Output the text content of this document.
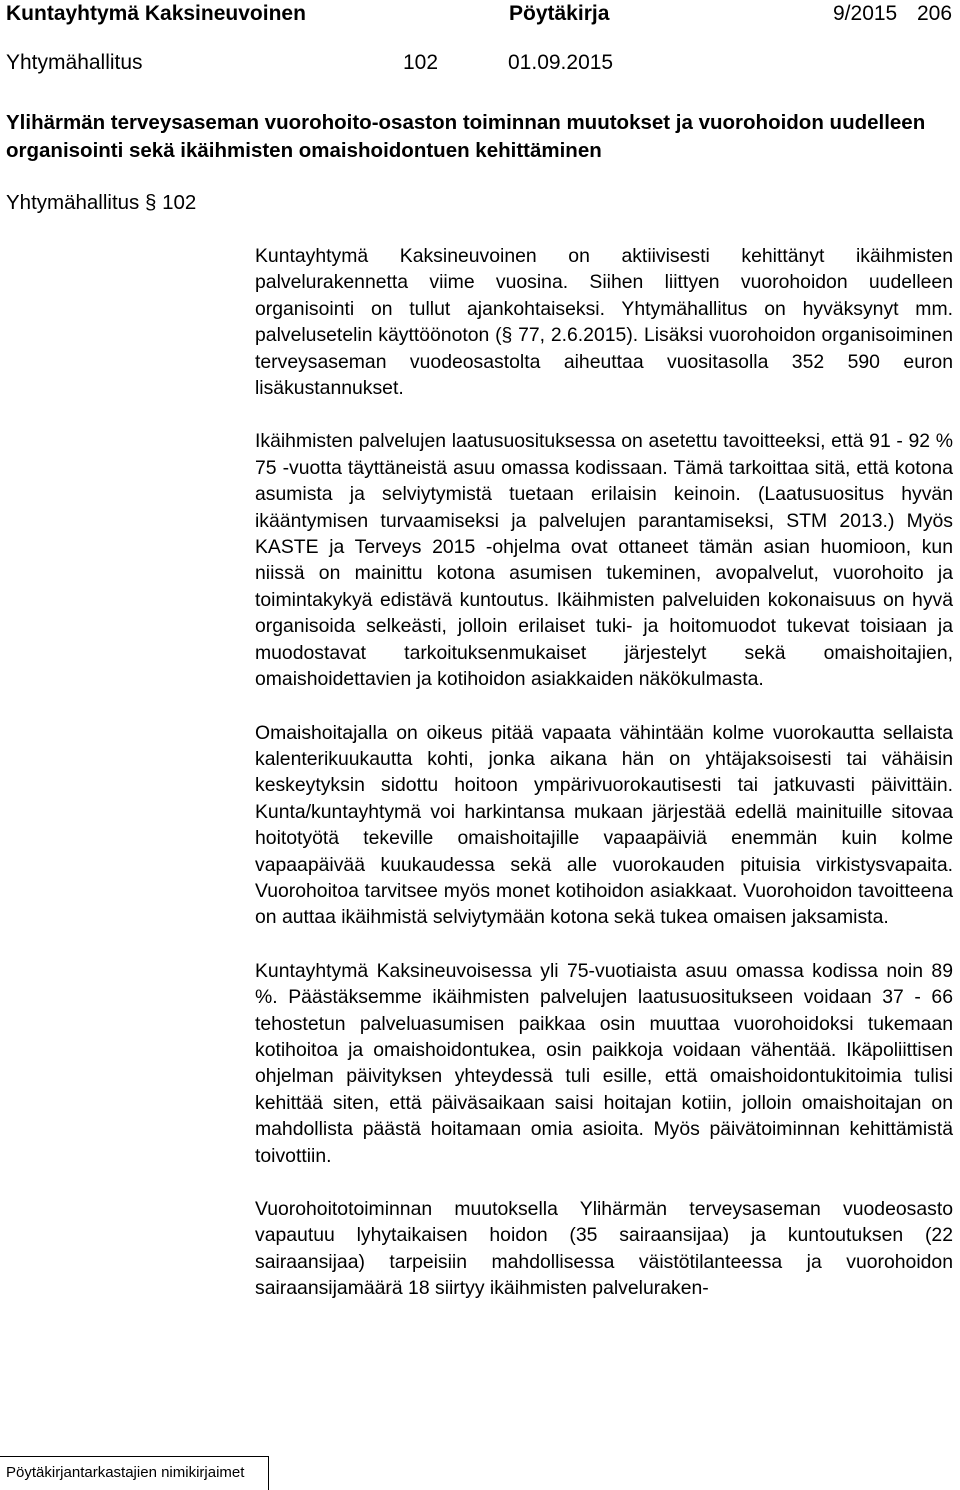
Kuntayhtymä Kaksineuvoinen	Pöytäkirja	9/2015 206
Yhtymähallitus	102	01.09.2015
Ylihärmän terveysaseman vuorohoito-osaston toiminnan muutokset ja vuorohoidon uudelleen organisointi sekä ikäihmisten omaishoidontuen kehittäminen
Yhtymähallitus § 102

Kuntayhtymä Kaksineuvoinen on aktiivisesti kehittänyt ikäihmisten palvelurakennetta viime vuosina. Siihen liittyen vuorohoidon uudelleen organisointi on tullut ajankohtaiseksi. Yhtymähallitus on hyväksynyt mm. palvelusetelin käyttöönoton (§ 77, 2.6.2015). Lisäksi vuorohoidon organisoiminen terveysaseman vuodeosastolta aiheuttaa vuositasolla 352 590 euron lisäkustannukset.

Ikäihmisten palvelujen laatusuosituksessa on asetettu tavoitteeksi, että 91 - 92 % 75 -vuotta täyttäneistä asuu omassa kodissaan. Tämä tarkoittaa sitä, että kotona asumista ja selviytymistä tuetaan erilaisin keinoin. (Laatusuositus hyvän ikääntymisen turvaamiseksi ja palvelujen parantamiseksi, STM 2013.) Myös KASTE ja Terveys 2015 -ohjelma ovat ottaneet tämän asian huomioon, kun niissä on mainittu kotona asumisen tukeminen, avopalvelut, vuorohoito ja toimintakykyä edistävä kuntoutus. Ikäihmisten palveluiden kokonaisuus on hyvä organisoida selkeästi, jolloin erilaiset tuki- ja hoitomuodot tukevat toisiaan ja muodostavat tarkoituksenmukaiset järjestelyt sekä omaishoitajien, omaishoidettavien ja kotihoidon asiakkaiden näkökulmasta.

Omaishoitajalla on oikeus pitää vapaata vähintään kolme vuorokautta sellaista kalenterikuukautta kohti, jonka aikana hän on yhtäjaksoisesti tai vähäisin keskeytyksin sidottu hoitoon ympärivuorokautisesti tai jatkuvasti päivittäin. Kunta/kuntayhtymä voi harkintansa mukaan järjestää edellä mainituille sitovaa hoitotyötä tekeville omaishoitajille vapaapäiviä enemmän kuin kolme vapaapäivää kuukaudessa sekä alle vuorokauden pituisia virkistysvapaita. Vuorohoitoa tarvitsee myös monet kotihoidon asiakkaat. Vuorohoidon tavoitteena on auttaa ikäihmistä selviytymään kotona sekä tukea omaisen jaksamista.

Kuntayhtymä Kaksineuvoisessa yli 75-vuotiaista asuu omassa kodissa noin 89 %. Päästäksemme ikäihmisten palvelujen laatusuositukseen voidaan 37 - 66 tehostetun palveluasumisen paikkaa osin muuttaa vuorohoidoksi tukemaan kotihoitoa ja omaishoidontukea, osin paikkoja voidaan vähentää. Ikäpoliittisen ohjelman päivityksen yhteydessä tuli esille, että omaishoidontukitoimia tulisi kehittää siten, että päiväsaikaan saisi hoitajan kotiin, jolloin omaishoitajan on mahdollista päästä hoitamaan omia asioita. Myös päivätoiminnan kehittämistä toivottiin.

Vuorohoitotoiminnan muutoksella Ylihärmän terveysaseman vuodeosasto vapautuu lyhytaikaisen hoidon (35 sairaansijaa) ja kuntoutuksen (22 sairaansijaa) tarpeisiin mahdollisessa väistötilanteessa ja vuorohoidon sairaansijamäärä 18 siirtyy ikäihmisten palveluraken-

Pöytäkirjantarkastajien nimikirjaimet
